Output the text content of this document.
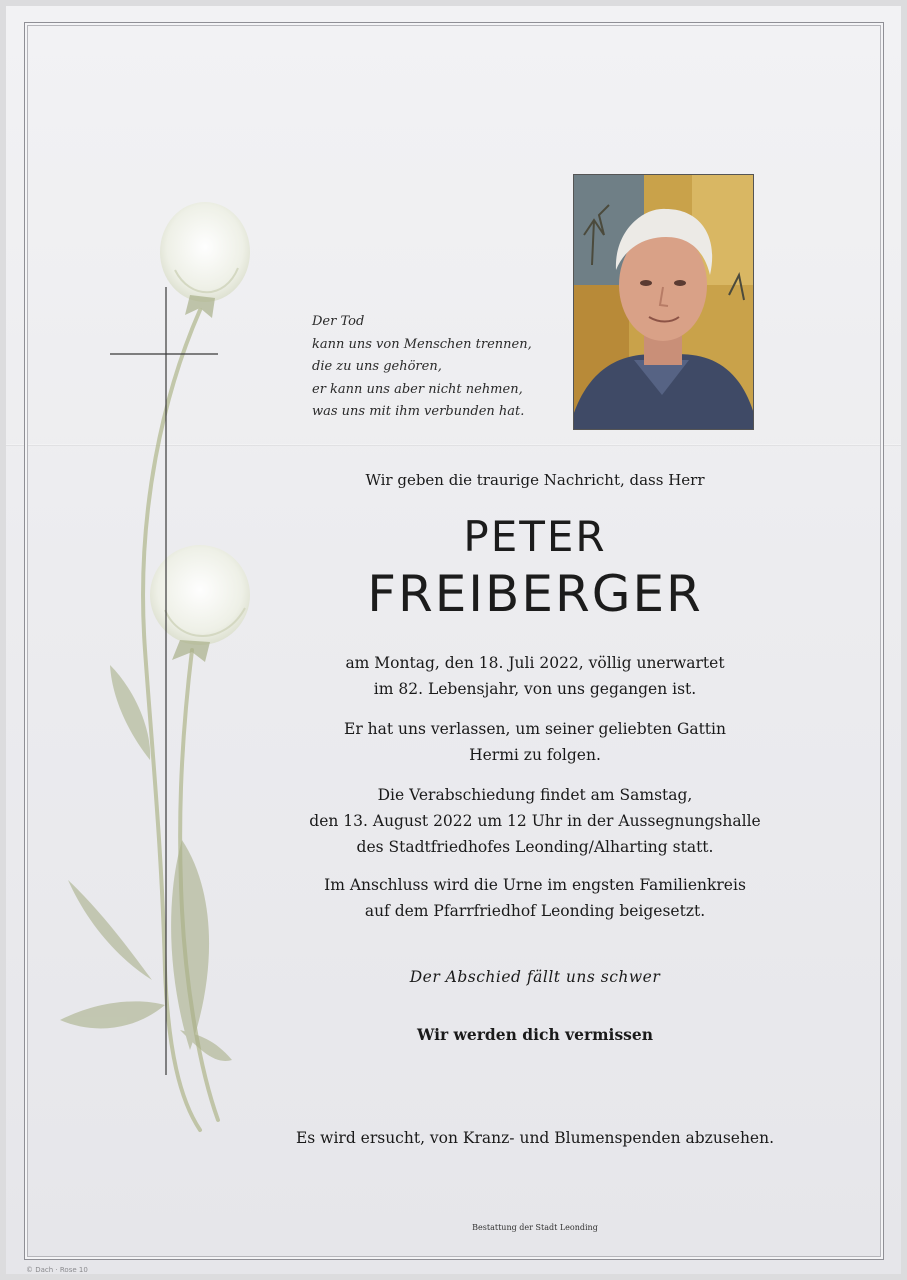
Der Tod
kann uns von Menschen trennen,
die zu uns gehören,
er kann uns aber nicht nehmen,
was uns mit ihm verbunden hat.
Wir geben die traurige Nachricht, dass Herr
PETER
FREIBERGER
am Montag, den 18. Juli 2022, völlig unerwartet
im 82. Lebensjahr, von uns gegangen ist.
Er hat uns verlassen, um seiner geliebten Gattin
Hermi zu folgen.
Die Verabschiedung findet am Samstag,
den 13. August 2022 um 12 Uhr in der Aussegnungshalle
des Stadtfriedhofes Leonding/Alharting statt.
Im Anschluss wird die Urne im engsten Familienkreis
auf dem Pfarrfriedhof Leonding beigesetzt.
Der Abschied fällt uns schwer
Wir werden dich vermissen
Es wird ersucht, von Kranz- und Blumenspenden abzusehen.
Bestattung der Stadt Leonding
© Dach · Rose 10
